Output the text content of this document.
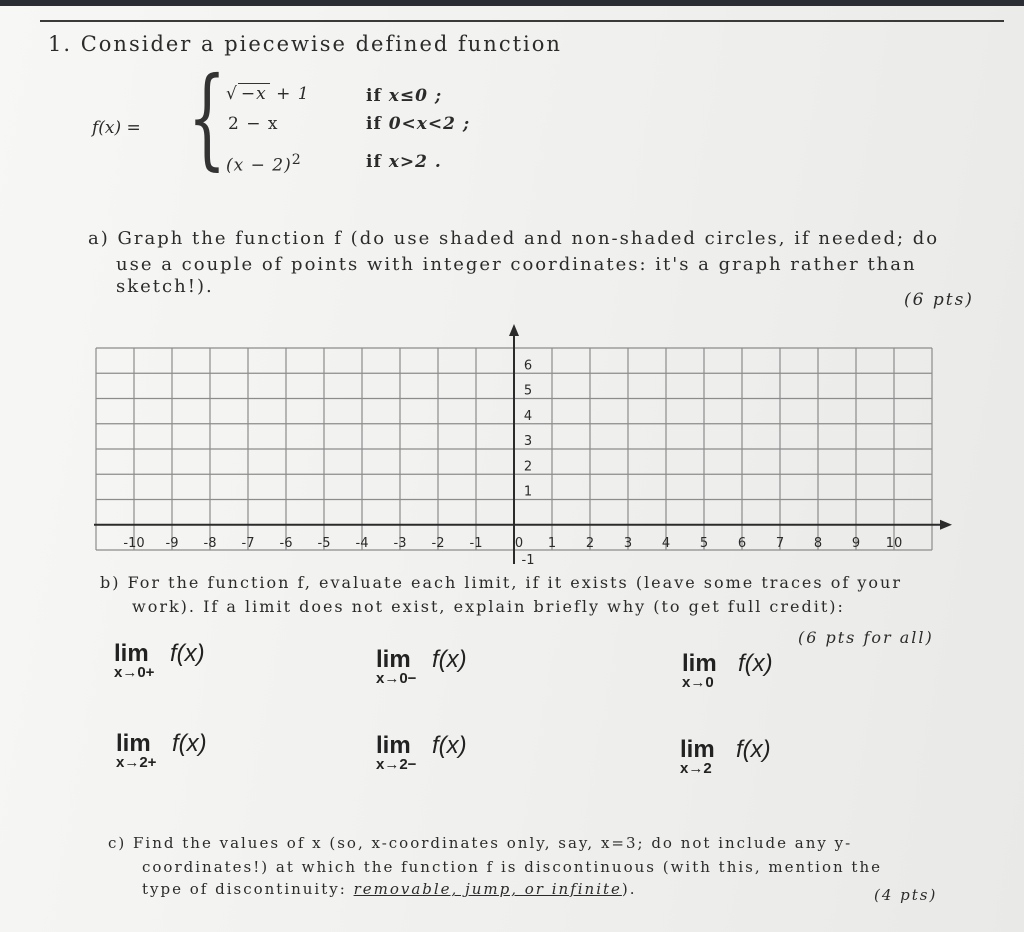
1. Consider a piecewise defined function
f(x) = { √ −x + 1	if x≤0 ;
2 − x	if 0<x<2 ;
$(x - 2)^2$	if x>2 .
a) Graph the function f (do use shaded and non-shaded circles, if needed; do
use a couple of points with integer coordinates: it's a graph rather than
sketch!).
(6 pts)
-10 -9 -8 -7 -6 -5 -4 -3 -2 -1 0 1 2 3 4 5 6 7 8 9 10
6
5
4
3
2
1
-1
b) For the function f, evaluate each limit, if it exists (leave some traces of your
work). If a limit does not exist, explain briefly why (to get full credit):
(6 pts for all)
lim
x→0+
f(x)	lim
x→0−
f(x)	lim
x→0
f(x)
lim
x→2+
f(x)	lim
x→2−
f(x)	lim
x→2
f(x)
c) Find the values of x (so, x-coordinates only, say, x=3; do not include any y-
coordinates!) at which the function f is discontinuous (with this, mention the
type of discontinuity: removable, jump, or infinite).	(4 pts)
